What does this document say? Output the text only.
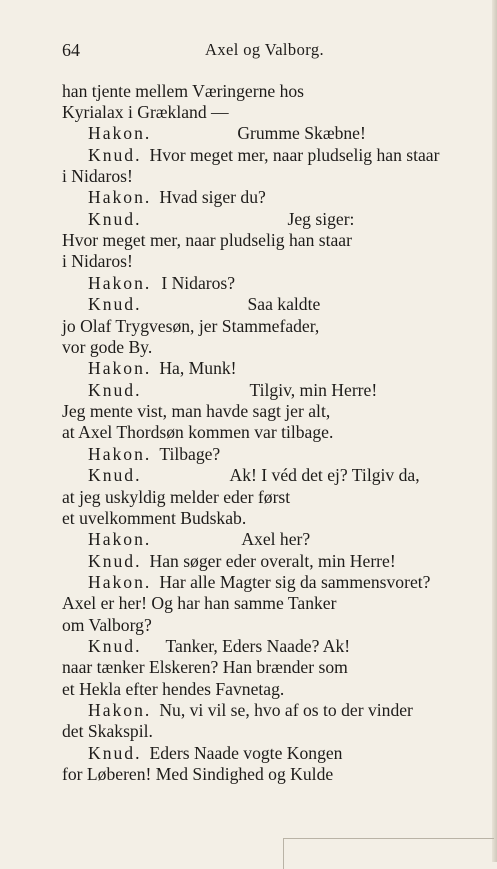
64	Axel og Valborg.
han tjente mellem Væringerne hos
Kyrialax i Grækland —
Hakon.	Grumme Skæbne!
Knud. Hvor meget mer, naar pludselig han staar
i Nidaros!
Hakon. Hvad siger du?
Knud.	Jeg siger:
Hvor meget mer, naar pludselig han staar
i Nidaros!
Hakon. I Nidaros?
Knud.	Saa kaldte
jo Olaf Trygvesøn, jer Stammefader,
vor gode By.
Hakon. Ha, Munk!
Knud.	Tilgiv, min Herre!
Jeg mente vist, man havde sagt jer alt,
at Axel Thordsøn kommen var tilbage.
Hakon. Tilbage?
Knud.	Ak! I véd det ej? Tilgiv da,
at jeg uskyldig melder eder først
et uvelkomment Budskab.
Hakon.	Axel her?
Knud. Han søger eder overalt, min Herre!
Hakon. Har alle Magter sig da sammensvoret?
Axel er her! Og har han samme Tanker
om Valborg?
Knud. Tanker, Eders Naade? Ak!
naar tænker Elskeren? Han brænder som
et Hekla efter hendes Favnetag.
Hakon. Nu, vi vil se, hvo af os to der vinder
det Skakspil.
Knud. Eders Naade vogte Kongen
for Løberen! Med Sindighed og Kulde
